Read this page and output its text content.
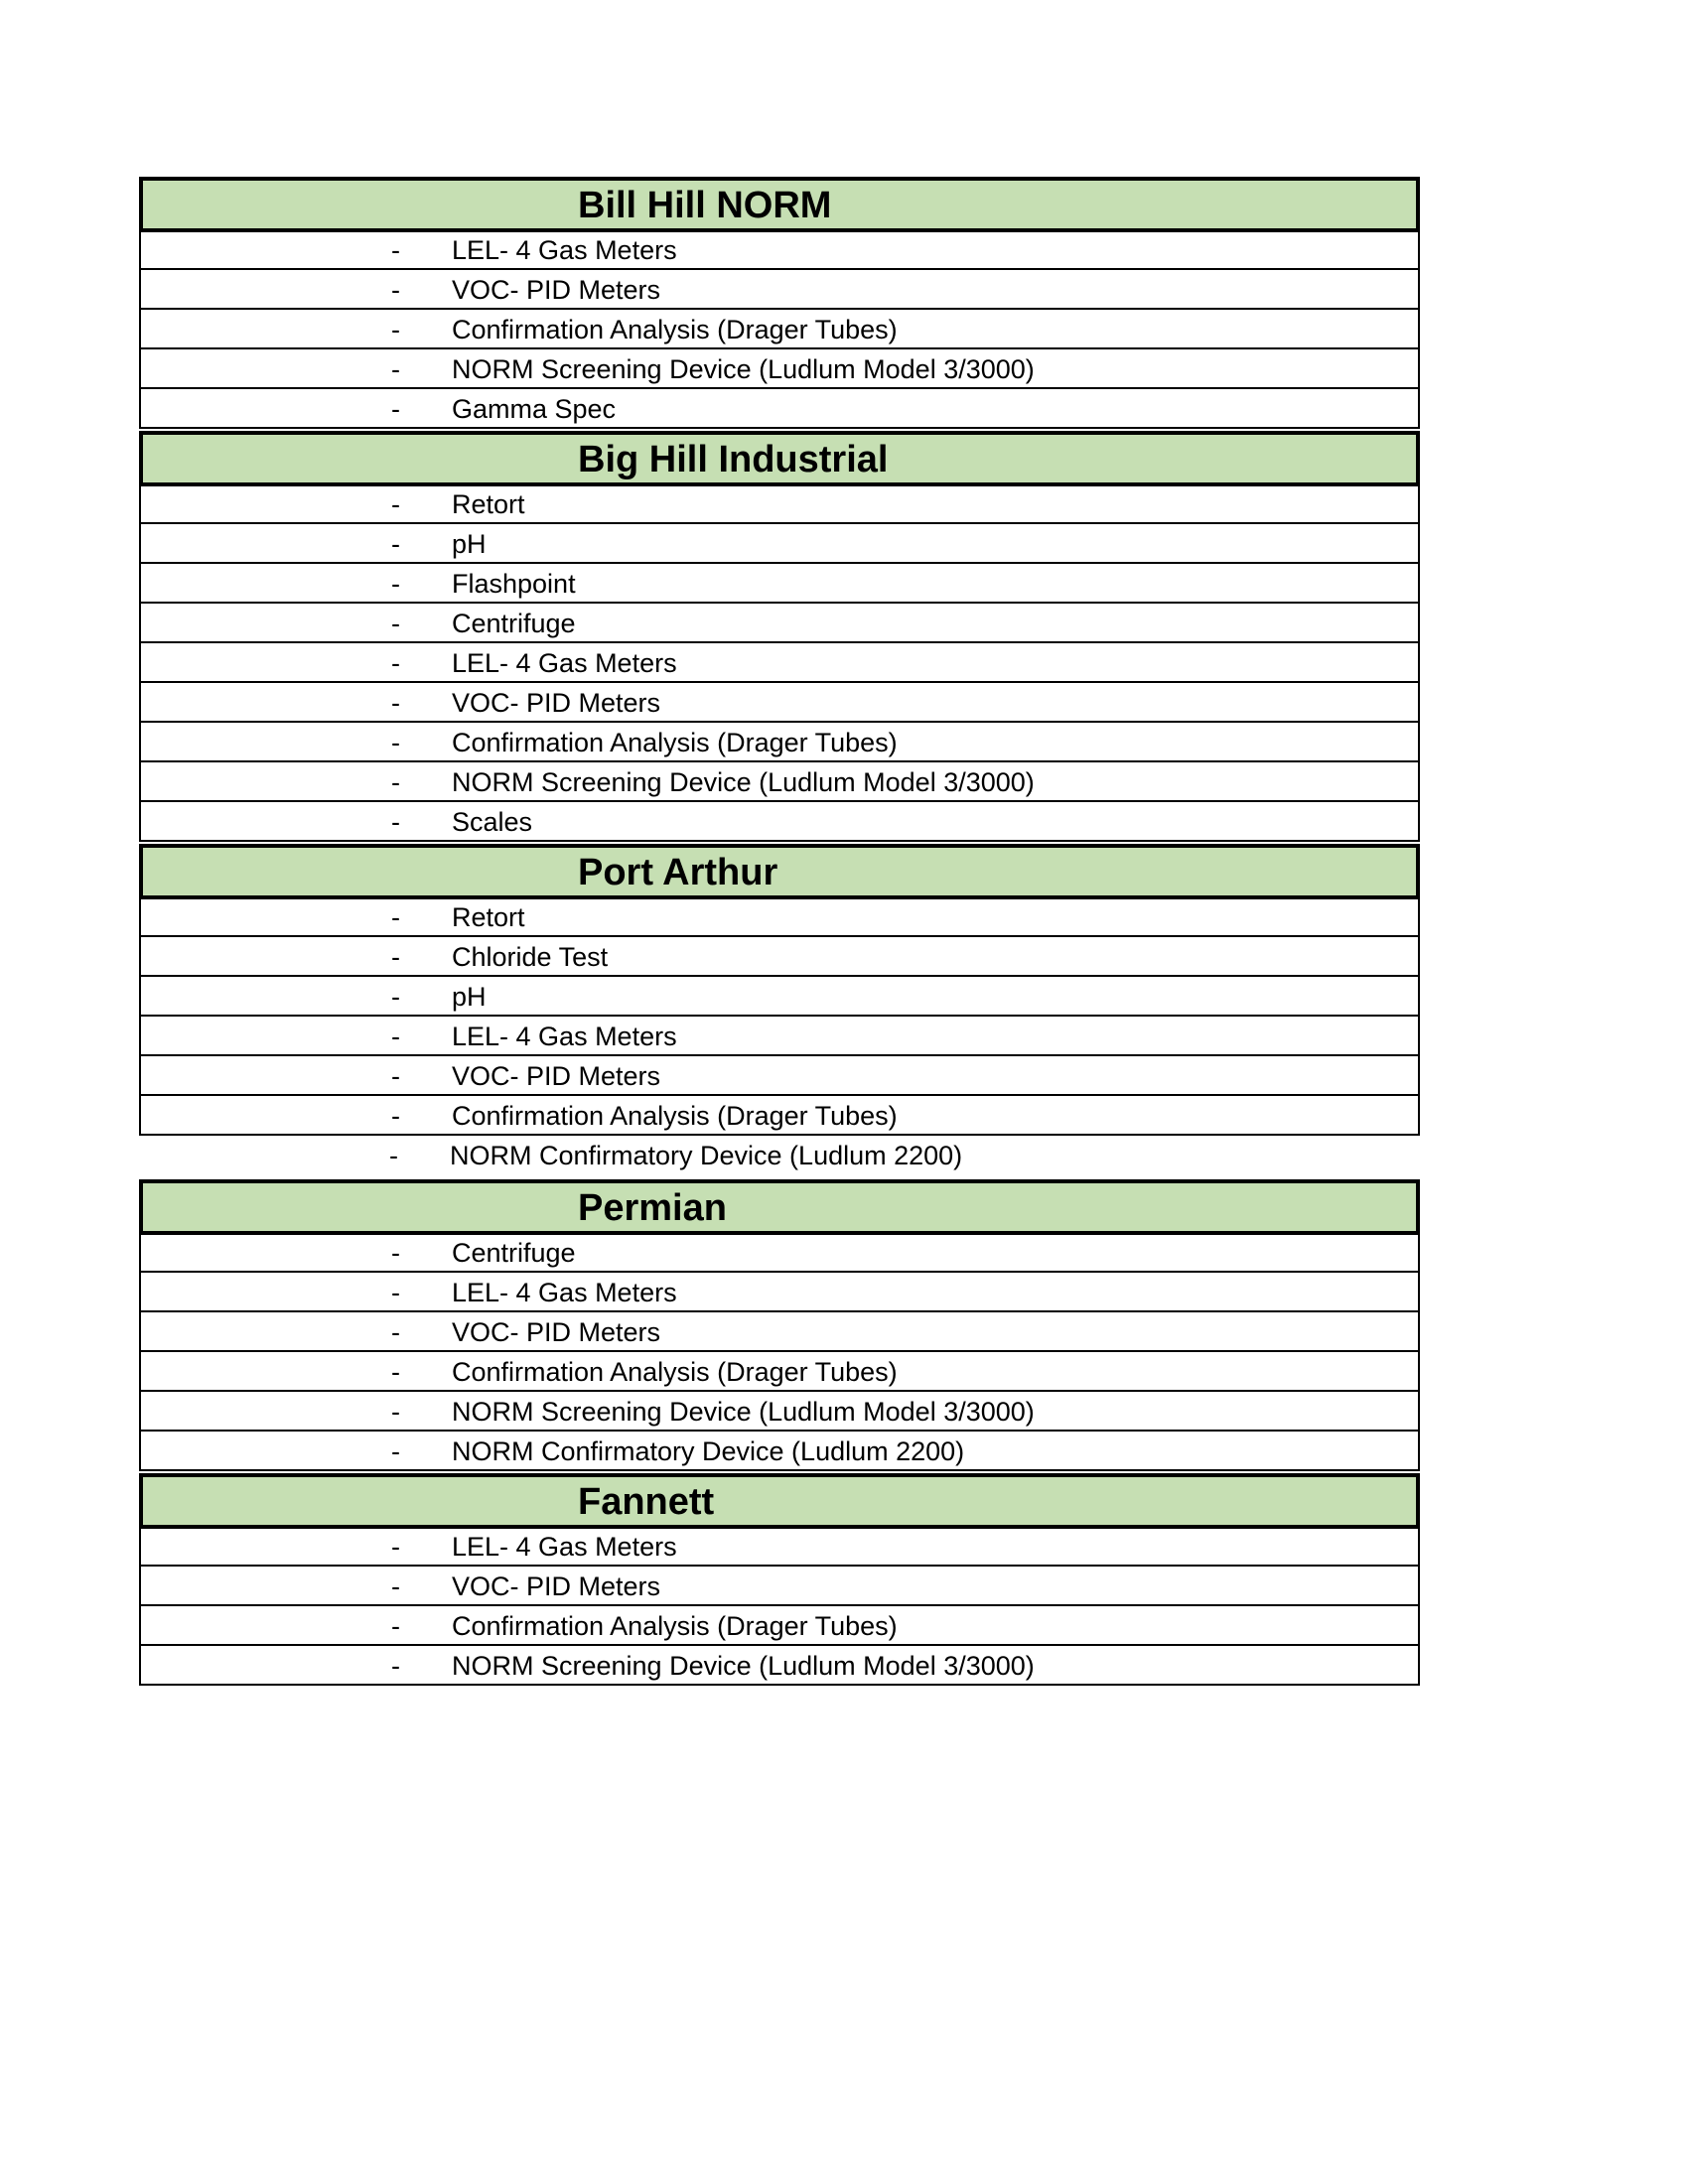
Bill Hill NORM
- LEL- 4 Gas Meters
- VOC- PID Meters
- Confirmation Analysis (Drager Tubes)
- NORM Screening Device (Ludlum Model 3/3000)
- Gamma Spec
Big Hill Industrial
- Retort
- pH
- Flashpoint
- Centrifuge
- LEL- 4 Gas Meters
- VOC- PID Meters
- Confirmation Analysis (Drager Tubes)
- NORM Screening Device (Ludlum Model 3/3000)
- Scales
Port Arthur
- Retort
- Chloride Test
- pH
- LEL- 4 Gas Meters
- VOC- PID Meters
- Confirmation Analysis (Drager Tubes)
- NORM Confirmatory Device (Ludlum 2200)
Permian
- Centrifuge
- LEL- 4 Gas Meters
- VOC- PID Meters
- Confirmation Analysis (Drager Tubes)
- NORM Screening Device (Ludlum Model 3/3000)
- NORM Confirmatory Device (Ludlum 2200)
Fannett
- LEL- 4 Gas Meters
- VOC- PID Meters
- Confirmation Analysis (Drager Tubes)
- NORM Screening Device (Ludlum Model 3/3000)
